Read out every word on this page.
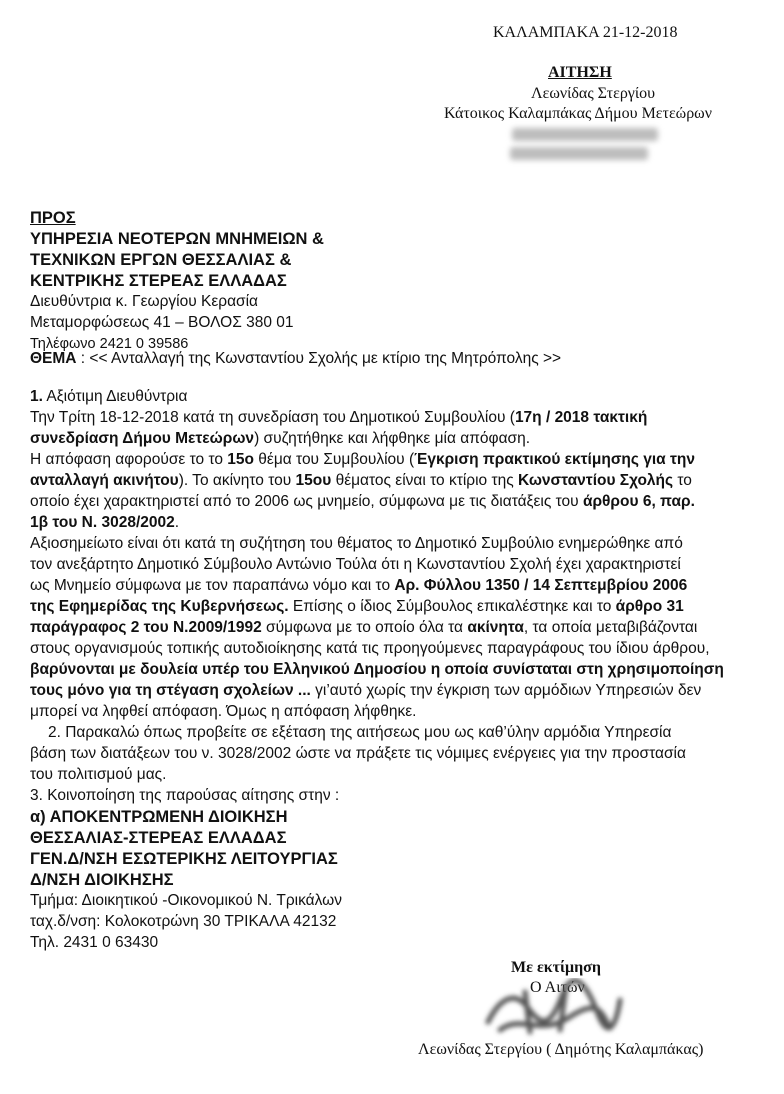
ΚΑΛΑΜΠΑΚΑ 21-12-2018
ΑΙΤΗΣΗ
Λεωνίδας Στεργίου
Κάτοικος Καλαμπάκας Δήμου Μετεώρων
ΠΡΟΣ
ΥΠΗΡΕΣΙΑ ΝΕΟΤΕΡΩΝ ΜΝΗΜΕΙΩΝ &
ΤΕΧΝΙΚΩΝ ΕΡΓΩΝ ΘΕΣΣΑΛΙΑΣ &
ΚΕΝΤΡΙΚΗΣ ΣΤΕΡΕΑΣ ΕΛΛΑΔΑΣ
Διευθύντρια κ. Γεωργίου Κερασία
Μεταμορφώσεως 41 – ΒΟΛΟΣ 380 01
Τηλέφωνο 2421 0 39586
ΘΕΜΑ : << Ανταλλαγή της Κωνσταντίου Σχολής με κτίριο της Μητρόπολης >>
1. Αξιότιμη Διευθύντρια
Την Τρίτη 18-12-2018 κατά τη συνεδρίαση του Δημοτικού Συμβουλίου (17η / 2018 τακτική
συνεδρίαση Δήμου Μετεώρων) συζητήθηκε και λήφθηκε μία απόφαση.
Η απόφαση αφορούσε το το 15ο θέμα του Συμβουλίου (Έγκριση πρακτικού εκτίμησης για την
ανταλλαγή ακινήτου). Το ακίνητο του 15ου θέματος είναι το κτίριο της Κωνσταντίου Σχολής το
οποίο έχει χαρακτηριστεί από το 2006 ως μνημείο, σύμφωνα με τις διατάξεις του άρθρου 6, παρ.
1β του Ν. 3028/2002.
Αξιοσημείωτο είναι ότι κατά τη συζήτηση του θέματος το Δημοτικό Συμβούλιο ενημερώθηκε από
τον ανεξάρτητο Δημοτικό Σύμβουλο Αντώνιο Τούλα ότι η Κωνσταντίου Σχολή έχει χαρακτηριστεί
ως Μνημείο σύμφωνα με τον παραπάνω νόμο και το Αρ. Φύλλου 1350 / 14 Σεπτεμβρίου 2006
της Εφημερίδας της Κυβερνήσεως. Επίσης ο ίδιος Σύμβουλος επικαλέστηκε και το άρθρο 31
παράγραφος 2 του Ν.2009/1992 σύμφωνα με το οποίο όλα τα ακίνητα, τα οποία μεταβιβάζονται
στους οργανισμούς τοπικής αυτοδιοίκησης κατά τις προηγούμενες παραγράφους του ίδιου άρθρου,
βαρύνονται με δουλεία υπέρ του Ελληνικού Δημοσίου η οποία συνίσταται στη χρησιμοποίηση
τους μόνο για τη στέγαση σχολείων ... γι’αυτό χωρίς την έγκριση των αρμόδιων Υπηρεσιών δεν
μπορεί να ληφθεί απόφαση. Όμως η απόφαση λήφθηκε.
2. Παρακαλώ όπως προβείτε σε εξέταση της αιτήσεως μου ως καθ’ύλην αρμόδια Υπηρεσία
βάση των διατάξεων του ν. 3028/2002 ώστε να πράξετε τις νόμιμες ενέργειες για την προστασία
του πολιτισμού μας.
3. Κοινοποίηση της παρούσας αίτησης στην :
α) ΑΠΟΚΕΝΤΡΩΜΕΝΗ ΔΙΟΙΚΗΣΗ
ΘΕΣΣΑΛΙΑΣ-ΣΤΕΡΕΑΣ ΕΛΛΑΔΑΣ
ΓΕΝ.Δ/ΝΣΗ ΕΣΩΤΕΡΙΚΗΣ ΛΕΙΤΟΥΡΓΙΑΣ
Δ/ΝΣΗ ΔΙΟΙΚΗΣΗΣ
Τμήμα: Διοικητικού -Οικονομικού Ν. Τρικάλων
ταχ.δ/νση: Κολοκοτρώνη 30 ΤΡΙΚΑΛΑ 42132
Τηλ. 2431 0 63430
Με εκτίμηση
Ο Αιτών
Λεωνίδας Στεργίου ( Δημότης Καλαμπάκας)
